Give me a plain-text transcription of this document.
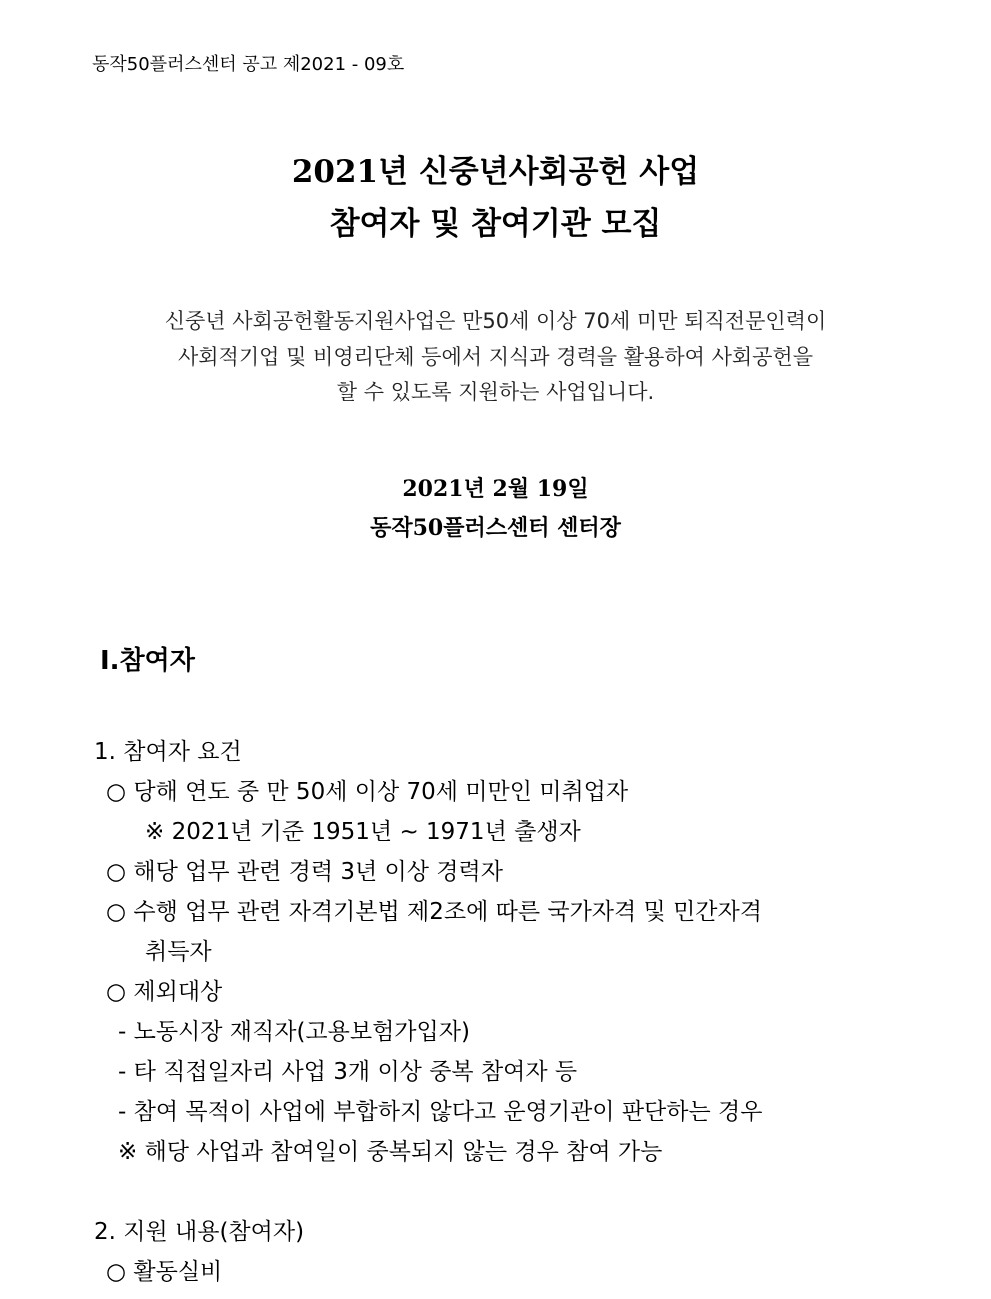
동작50플러스센터 공고 제2021 - 09호
2021년 신중년사회공헌 사업
참여자 및 참여기관 모집
신중년 사회공헌활동지원사업은 만50세 이상 70세 미만 퇴직전문인력이
사회적기업 및 비영리단체 등에서 지식과 경력을 활용하여 사회공헌을
할 수 있도록 지원하는 사업입니다.
2021년 2월 19일
동작50플러스센터 센터장
Ⅰ.참여자
1. 참여자 요건
○ 당해 연도 중 만 50세 이상 70세 미만인 미취업자
※ 2021년 기준 1951년 ~ 1971년 출생자
○ 해당 업무 관련 경력 3년 이상 경력자
○ 수행 업무 관련 자격기본법 제2조에 따른 국가자격 및 민간자격
취득자
○ 제외대상
- 노동시장 재직자(고용보험가입자)
- 타 직접일자리 사업 3개 이상 중복 참여자 등
- 참여 목적이 사업에 부합하지 않다고 운영기관이 판단하는 경우
※ 해당 사업과 참여일이 중복되지 않는 경우 참여 가능
2. 지원 내용(참여자)
○ 활동실비
